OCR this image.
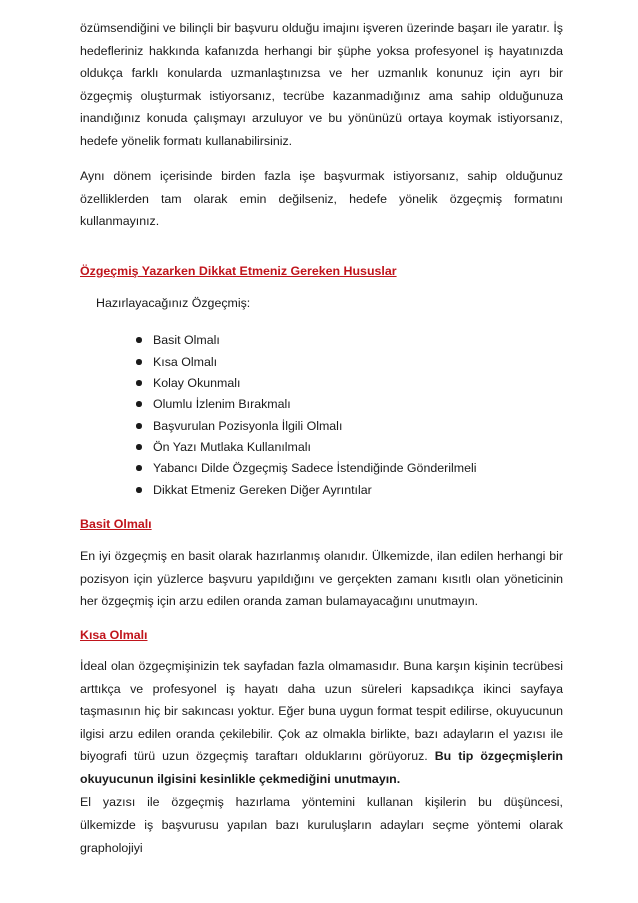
özümsendiğini ve bilinçli bir başvuru olduğu imajını işveren üzerinde başarı ile yaratır. İş hedefleriniz hakkında kafanızda herhangi bir şüphe yoksa profesyonel iş hayatınızda oldukça farklı konularda uzmanlaştınızsa ve her uzmanlık konunuz için ayrı bir özgeçmiş oluşturmak istiyorsanız, tecrübe kazanmadığınız ama sahip olduğunuza inandığınız konuda çalışmayı arzuluyor ve bu yönünüzü ortaya koymak istiyorsanız, hedefe yönelik formatı kullanabilirsiniz.

Aynı dönem içerisinde birden fazla işe başvurmak istiyorsanız, sahip olduğunuz özelliklerden tam olarak emin değilseniz, hedefe yönelik özgeçmiş formatını kullanmayınız.

Özgeçmiş Yazarken Dikkat Etmeniz Gereken Hususlar

Hazırlayacağınız Özgeçmiş:

Basit Olmalı
Kısa Olmalı
Kolay Okunmalı
Olumlu İzlenim Bırakmalı
Başvurulan Pozisyonla İlgili Olmalı
Ön Yazı Mutlaka Kullanılmalı
Yabancı Dilde Özgeçmiş Sadece İstendiğinde Gönderilmeli
Dikkat Etmeniz Gereken Diğer Ayrıntılar

Basit Olmalı

En iyi özgeçmiş en basit olarak hazırlanmış olanıdır. Ülkemizde, ilan edilen herhangi bir pozisyon için yüzlerce başvuru yapıldığını ve gerçekten zamanı kısıtlı olan yöneticinin her özgeçmiş için arzu edilen oranda zaman bulamayacağını unutmayın.

Kısa Olmalı

İdeal olan özgeçmişinizin tek sayfadan fazla olmamasıdır. Buna karşın kişinin tecrübesi arttıkça ve profesyonel iş hayatı daha uzun süreleri kapsadıkça ikinci sayfaya taşmasının hiç bir sakıncası yoktur. Eğer buna uygun format tespit edilirse, okuyucunun ilgisi arzu edilen oranda çekilebilir. Çok az olmakla birlikte, bazı adayların el yazısı ile biyografi türü uzun özgeçmiş taraftarı olduklarını görüyoruz. Bu tip özgeçmişlerin okuyucunun ilgisini kesinlikle çekmediğini unutmayın.

El yazısı ile özgeçmiş hazırlama yöntemini kullanan kişilerin bu düşüncesi,

ülkemizde iş başvurusu yapılan bazı kuruluşların adayları seçme yöntemi olarak grapholojiyi
